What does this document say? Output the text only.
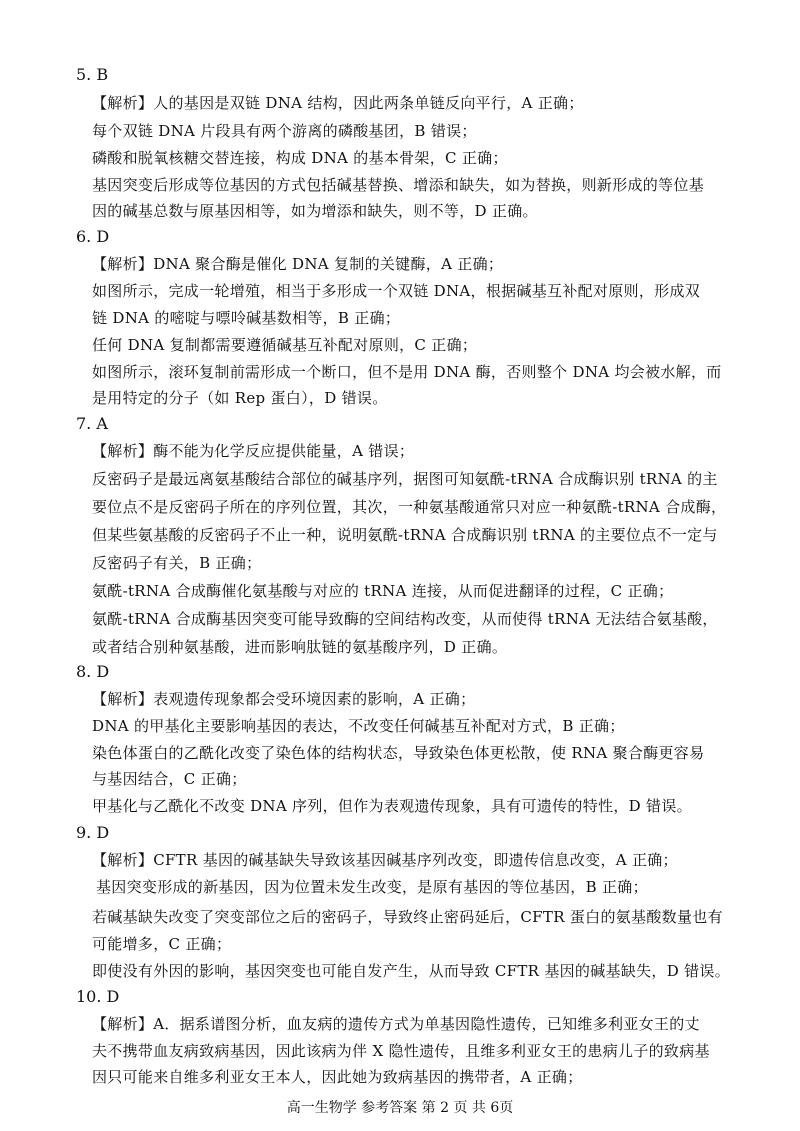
5. B
【解析】人的基因是双链 DNA 结构，因此两条单链反向平行，A 正确；
每个双链 DNA 片段具有两个游离的磷酸基团，B 错误；
磷酸和脱氧核糖交替连接，构成 DNA 的基本骨架，C 正确；
基因突变后形成等位基因的方式包括碱基替换、增添和缺失，如为替换，则新形成的等位基
因的碱基总数与原基因相等，如为增添和缺失，则不等，D 正确。
6. D
【解析】DNA 聚合酶是催化 DNA 复制的关键酶，A 正确；
如图所示，完成一轮增殖，相当于多形成一个双链 DNA，根据碱基互补配对原则，形成双
链 DNA 的嘧啶与嘌呤碱基数相等，B 正确；
任何 DNA 复制都需要遵循碱基互补配对原则，C 正确；
如图所示，滚环复制前需形成一个断口，但不是用 DNA 酶，否则整个 DNA 均会被水解，而
是用特定的分子（如 Rep 蛋白），D 错误。
7. A
【解析】酶不能为化学反应提供能量，A 错误；
反密码子是最远离氨基酸结合部位的碱基序列，据图可知氨酰-tRNA 合成酶识别 tRNA 的主
要位点不是反密码子所在的序列位置，其次，一种氨基酸通常只对应一种氨酰-tRNA 合成酶，
但某些氨基酸的反密码子不止一种，说明氨酰-tRNA 合成酶识别 tRNA 的主要位点不一定与
反密码子有关，B 正确；
氨酰-tRNA 合成酶催化氨基酸与对应的 tRNA 连接，从而促进翻译的过程，C 正确；
氨酰-tRNA 合成酶基因突变可能导致酶的空间结构改变，从而使得 tRNA 无法结合氨基酸，
或者结合别种氨基酸，进而影响肽链的氨基酸序列，D 正确。
8. D
【解析】表观遗传现象都会受环境因素的影响，A 正确；
DNA 的甲基化主要影响基因的表达，不改变任何碱基互补配对方式，B 正确；
染色体蛋白的乙酰化改变了染色体的结构状态，导致染色体更松散，使 RNA 聚合酶更容易
与基因结合，C 正确；
甲基化与乙酰化不改变 DNA 序列，但作为表观遗传现象，具有可遗传的特性，D 错误。
9. D
【解析】CFTR 基因的碱基缺失导致该基因碱基序列改变，即遗传信息改变，A 正确；
基因突变形成的新基因，因为位置未发生改变，是原有基因的等位基因，B 正确；
若碱基缺失改变了突变部位之后的密码子，导致终止密码延后，CFTR 蛋白的氨基酸数量也有
可能增多，C 正确；
即使没有外因的影响，基因突变也可能自发产生，从而导致 CFTR 基因的碱基缺失，D 错误。
10. D
【解析】A．据系谱图分析，血友病的遗传方式为单基因隐性遗传，已知维多利亚女王的丈
夫不携带血友病致病基因，因此该病为伴 X 隐性遗传，且维多利亚女王的患病儿子的致病基
因只可能来自维多利亚女王本人，因此她为致病基因的携带者，A 正确；
高一生物学 参考答案 第 2 页 共 6页
